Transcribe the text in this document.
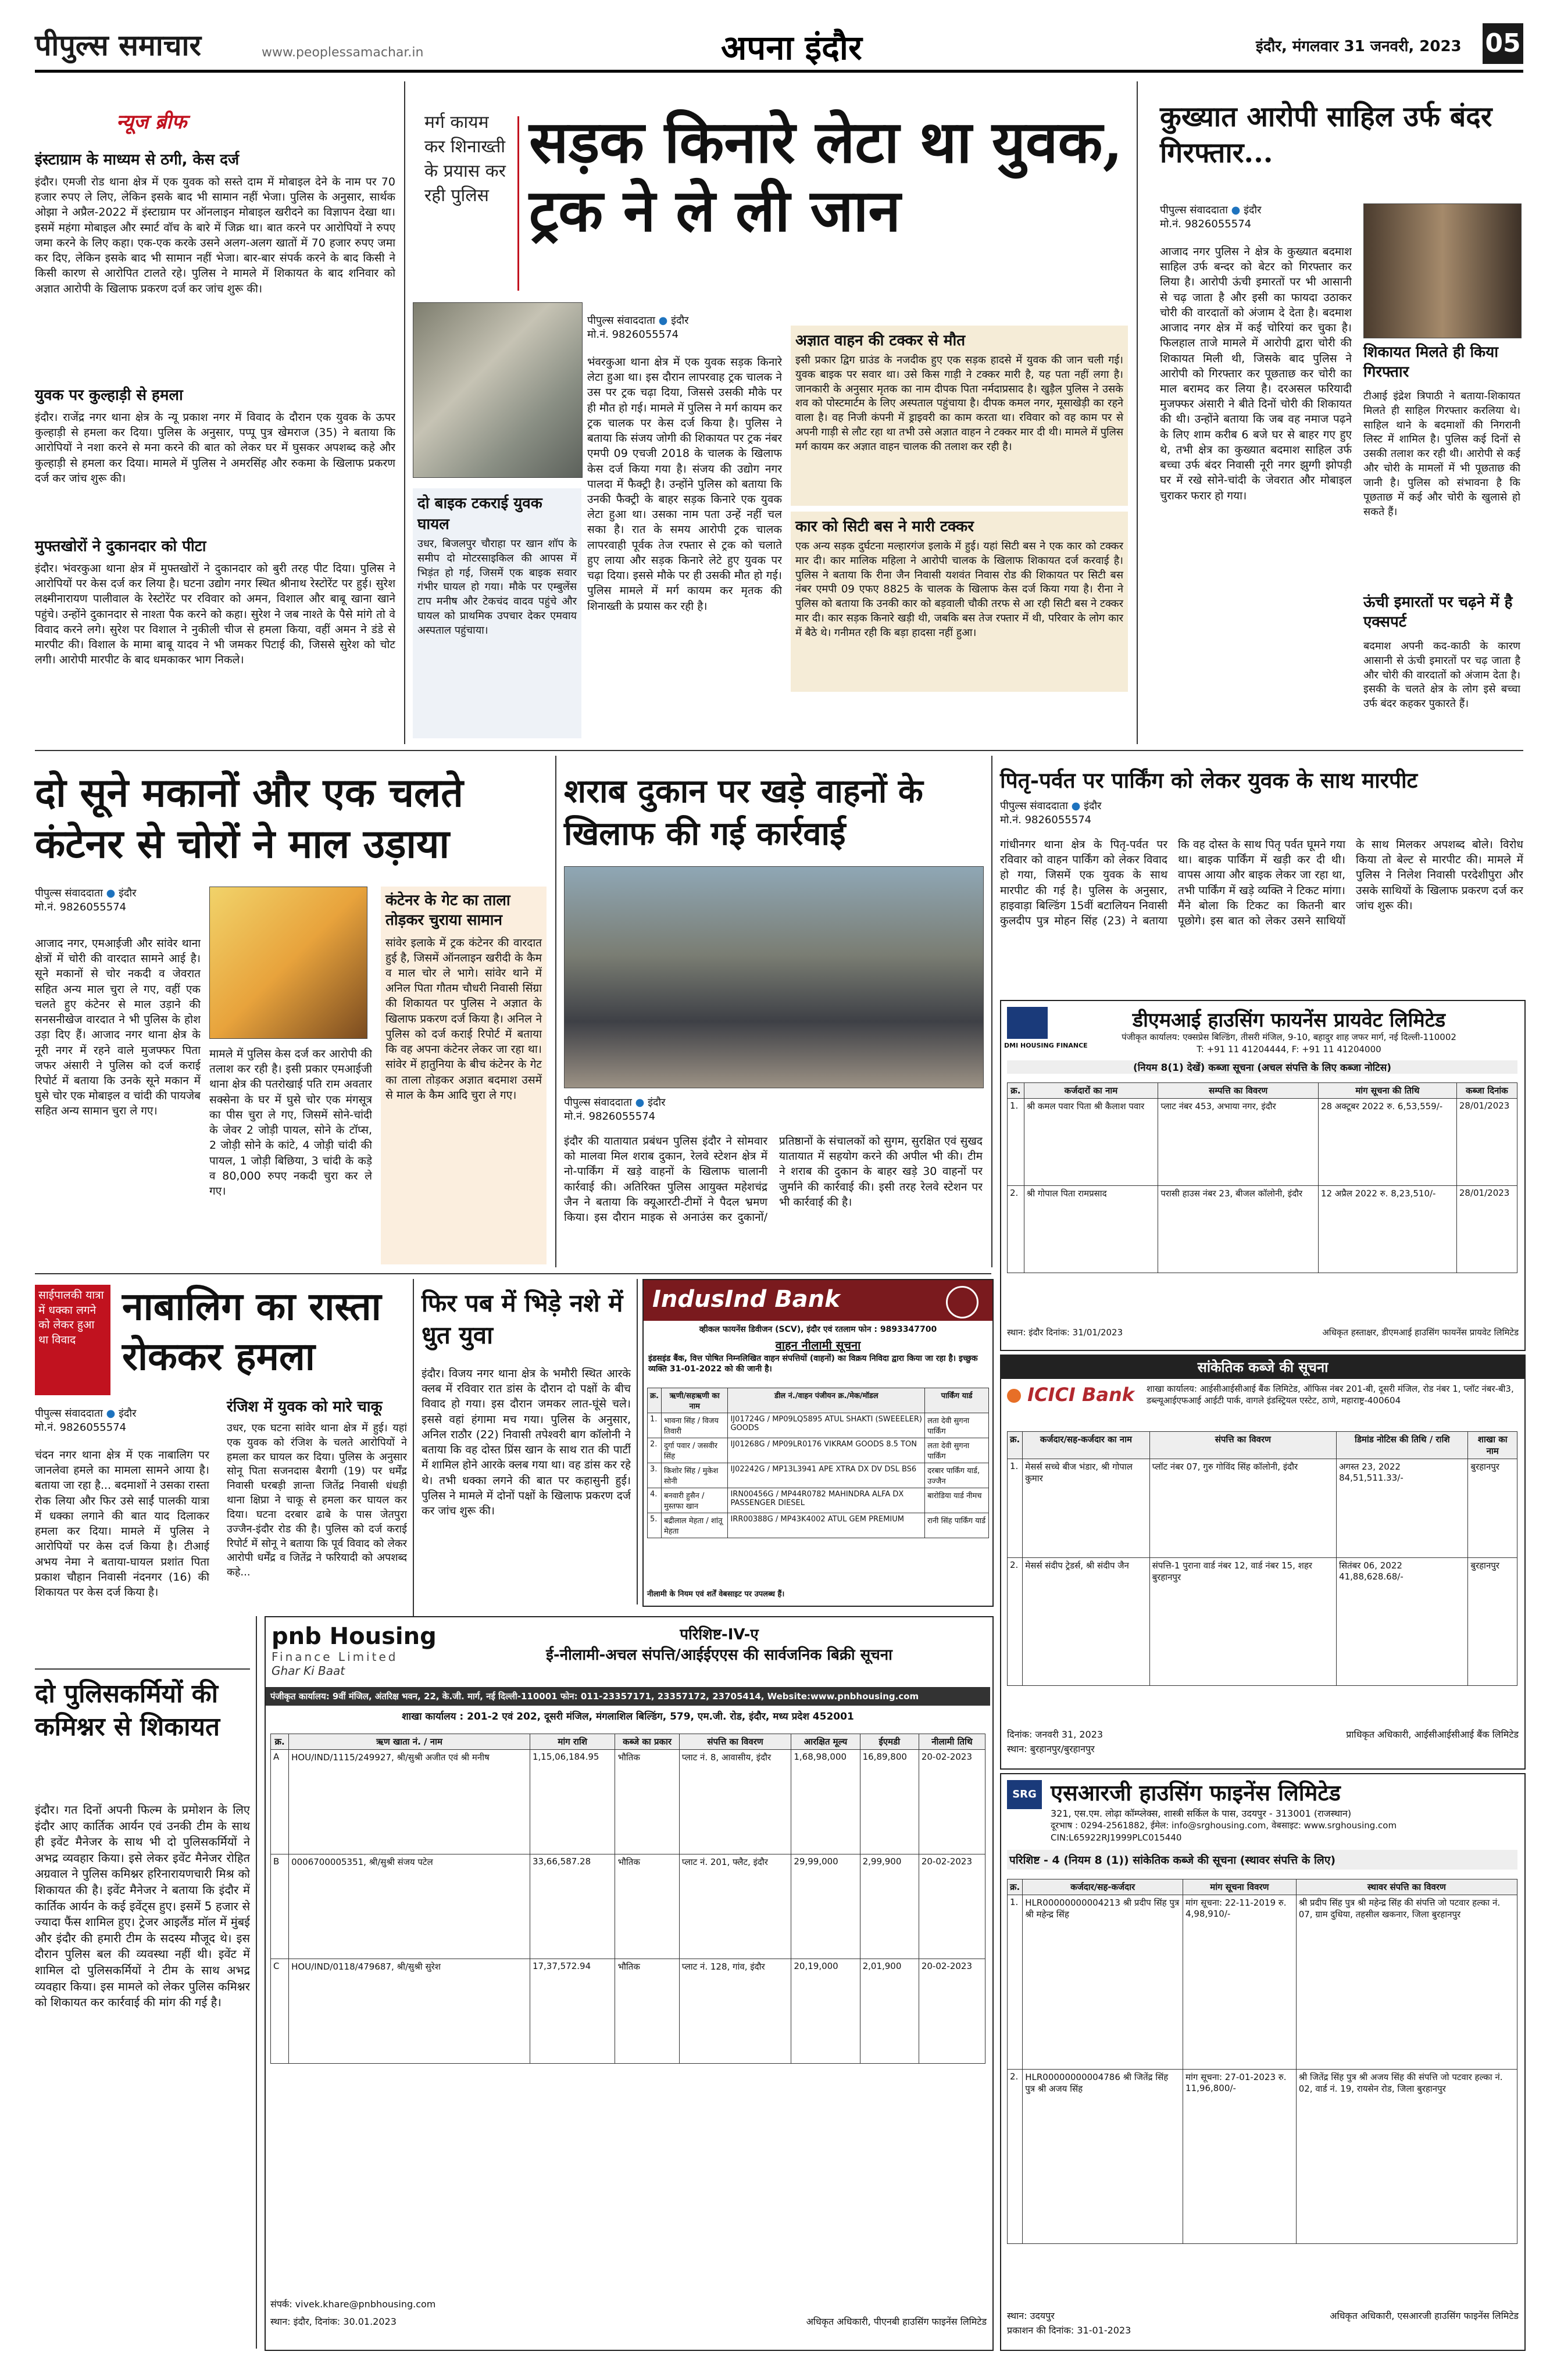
पीपुल्स समाचार	www.peoplessamachar.in	अपना इंदौर	इंदौर, मंगलवार 31 जनवरी, 2023 05
न्यूज ब्रीफ
इंस्टाग्राम के माध्यम से ठगी, केस दर्ज
इंदौर। एमजी रोड थाना क्षेत्र में एक युवक को सस्ते दाम में मोबाइल देने के नाम पर 70 हजार रुपए ले लिए, लेकिन इसके बाद भी सामान नहीं भेजा। पुलिस के अनुसार, सार्थक ओझा ने अप्रैल-2022 में इंस्टाग्राम पर ऑनलाइन मोबाइल खरीदने का विज्ञापन देखा था। इसमें महंगा मोबाइल और स्मार्ट वॉच के बारे में जिक्र था। बात करने पर आरोपियों ने रुपए जमा करने के लिए कहा। एक-एक करके उसने अलग-अलग खातों में 70 हजार रुपए जमा कर दिए, लेकिन इसके बाद भी सामान नहीं भेजा। बार-बार संपर्क करने के बाद किसी ने किसी कारण से आरोपित टालते रहे। पुलिस ने मामले में शिकायत के बाद शनिवार को अज्ञात आरोपी के खिलाफ प्रकरण दर्ज कर जांच शुरू की।
युवक पर कुल्हाड़ी से हमला
इंदौर। राजेंद्र नगर थाना क्षेत्र के न्यू प्रकाश नगर में विवाद के दौरान एक युवक के ऊपर कुल्हाड़ी से हमला कर दिया। पुलिस के अनुसार, पप्पू पुत्र खेमराज (35) ने बताया कि आरोपियों ने नशा करने से मना करने की बात को लेकर घर में घुसकर अपशब्द कहे और कुल्हाड़ी से हमला कर दिया। मामले में पुलिस ने अमरसिंह और रुकमा के खिलाफ प्रकरण दर्ज कर जांच शुरू की।
मुफ्तखोरों ने दुकानदार को पीटा
इंदौर। भंवरकुआ थाना क्षेत्र में मुफ्तखोरों ने दुकानदार को बुरी तरह पीट दिया। पुलिस ने आरोपियों पर केस दर्ज कर लिया है। घटना उद्योग नगर स्थित श्रीनाथ रेस्टोरेंट पर हुई। सुरेश लक्ष्मीनारायण पालीवाल के रेस्टोरेंट पर रविवार को अमन, विशाल और बाबू खाना खाने पहुंचे। उन्होंने दुकानदार से नाश्ता पैक करने को कहा। सुरेश ने जब नाश्ते के पैसे मांगे तो वे विवाद करने लगे। सुरेश पर विशाल ने नुकीली चीज से हमला किया, वहीं अमन ने डंडे से मारपीट की। विशाल के मामा बाबू यादव ने भी जमकर पिटाई की, जिससे सुरेश को चोट लगी। आरोपी मारपीट के बाद धमकाकर भाग निकले।
मर्ग कायम कर शिनाख्ती के प्रयास कर रही पुलिस
सड़क किनारे लेटा था युवक, ट्रक ने ले ली जान
पीपुल्स संवाददाता ● इंदौर
मो.नं. 9826055574
भंवरकुआ थाना क्षेत्र में एक युवक सड़क किनारे लेटा हुआ था। इस दौरान लापरवाह ट्रक चालक ने उस पर ट्रक चढ़ा दिया, जिससे उसकी मौके पर ही मौत हो गई। मामले में पुलिस ने मर्ग कायम कर ट्रक चालक पर केस दर्ज किया है। पुलिस ने बताया कि संजय जोगी की शिकायत पर ट्रक नंबर एमपी 09 एचजी 2018 के चालक के खिलाफ केस दर्ज किया गया है। संजय की उद्योग नगर पालदा में फैक्ट्री है। उन्होंने पुलिस को बताया कि उनकी फैक्ट्री के बाहर सड़क किनारे एक युवक लेटा हुआ था। उसका नाम पता उन्हें नहीं चल सका है। रात के समय आरोपी ट्रक चालक लापरवाही पूर्वक तेज रफ्तार से ट्रक को चलाते हुए लाया और सड़क किनारे लेटे हुए युवक पर चढ़ा दिया। इससे मौके पर ही उसकी मौत हो गई। पुलिस मामले में मर्ग कायम कर मृतक की शिनाख्ती के प्रयास कर रही है।
दो बाइक टकराई युवक घायल
उधर, बिजलपुर चौराहा पर खान शॉप के समीप दो मोटरसाइकिल की आपस में भिड़ंत हो गई, जिसमें एक बाइक सवार गंभीर घायल हो गया। मौके पर एम्बुलेंस टाप मनीष और टेकचंद वादव पहुंचे और घायल को प्राथमिक उपचार देकर एमवाय अस्पताल पहुंचाया।
अज्ञात वाहन की टक्कर से मौत
इसी प्रकार द्विग ग्राउंड के नजदीक हुए एक सड़क हादसे में युवक की जान चली गई। युवक बाइक पर सवार था। उसे किस गाड़ी ने टक्कर मारी है, यह पता नहीं लगा है। जानकारी के अनुसार मृतक का नाम दीपक पिता नर्मदाप्रसाद है। खुड़ैल पुलिस ने उसके शव को पोस्टमार्टम के लिए अस्पताल पहुंचाया है। दीपक कमल नगर, मूसाखेड़ी का रहने वाला है। वह निजी कंपनी में ड्राइवरी का काम करता था। रविवार को वह काम पर से अपनी गाड़ी से लौट रहा था तभी उसे अज्ञात वाहन ने टक्कर मार दी थी। मामले में पुलिस मर्ग कायम कर अज्ञात वाहन चालक की तलाश कर रही है।
कार को सिटी बस ने मारी टक्कर
एक अन्य सड़क दुर्घटना मल्हारगंज इलाके में हुई। यहां सिटी बस ने एक कार को टक्कर मार दी। कार मालिक महिला ने आरोपी चालक के खिलाफ शिकायत दर्ज करवाई है। पुलिस ने बताया कि रीना जैन निवासी यशवंत निवास रोड की शिकायत पर सिटी बस नंबर एमपी 09 एफए 8825 के चालक के खिलाफ केस दर्ज किया गया है। रीना ने पुलिस को बताया कि उनकी कार को बड़वाली चौकी तरफ से आ रही सिटी बस ने टक्कर मार दी। कार सड़क किनारे खड़ी थी, जबकि बस तेज रफ्तार में थी, परिवार के लोग कार में बैठे थे। गनीमत रही कि बड़ा हादसा नहीं हुआ।
कुख्यात आरोपी साहिल उर्फ बंदर गिरफ्तार...
पीपुल्स संवाददाता ● इंदौर
मो.नं. 9826055574
आजाद नगर पुलिस ने क्षेत्र के कुख्यात बदमाश साहिल उर्फ बन्दर को बेटर को गिरफ्तार कर लिया है। आरोपी ऊंची इमारतों पर भी आसानी से चढ़ जाता है और इसी का फायदा उठाकर चोरी की वारदातों को अंजाम दे देता है। बदमाश आजाद नगर क्षेत्र में कई चोरियां कर चुका है। फिलहाल ताजे मामले में आरोपी द्वारा चोरी की शिकायत मिली थी, जिसके बाद पुलिस ने आरोपी को गिरफ्तार कर पूछताछ कर चोरी का माल बरामद कर लिया है। दरअसल फरियादी मुजफ्फर अंसारी ने बीते दिनों चोरी की शिकायत की थी। उन्होंने बताया कि जब वह नमाज पढ़ने के लिए शाम करीब 6 बजे घर से बाहर गए हुए थे, तभी क्षेत्र का कुख्यात बदमाश साहिल उर्फ बच्चा उर्फ बंदर निवासी नूरी नगर झुग्गी झोपड़ी घर में रखे सोने-चांदी के जेवरात और मोबाइल चुराकर फरार हो गया।
शिकायत मिलते ही किया गिरफ्तार
टीआई इंद्रेश त्रिपाठी ने बताया-शिकायत मिलते ही साहिल गिरफ्तार करलिया थे। साहिल थाने के बदमाशों की निगरानी लिस्ट में शामिल है। पुलिस कई दिनों से उसकी तलाश कर रही थी। आरोपी से कई और चोरी के मामलों में भी पूछताछ की जानी है। पुलिस को संभावना है कि पूछताछ में कई और चोरी के खुलासे हो सकते हैं।
ऊंची इमारतों पर चढ़ने में है एक्सपर्ट
बदमाश अपनी कद-काठी के कारण आसानी से ऊंची इमारतों पर चढ़ जाता है और चोरी की वारदातों को अंजाम देता है। इसकी के चलते क्षेत्र के लोग इसे बच्चा उर्फ बंदर कहकर पुकारते हैं।
दो सूने मकानों और एक चलते कंटेनर से चोरों ने माल उड़ाया
पीपुल्स संवाददाता ● इंदौर
मो.नं. 9826055574
आजाद नगर, एमआईजी और सांवेर थाना क्षेत्रों में चोरी की वारदात सामने आई है। सूने मकानों से चोर नकदी व जेवरात सहित अन्य माल चुरा ले गए, वहीं एक चलते हुए कंटेनर से माल उड़ाने की सनसनीखेज वारदात ने भी पुलिस के होश उड़ा दिए हैं। आजाद नगर थाना क्षेत्र के नूरी नगर में रहने वाले मुजफ्फर पिता जफर अंसारी ने पुलिस को दर्ज कराई रिपोर्ट में बताया कि उनके सूने मकान में घुसे चोर एक मोबाइल व चांदी की पायजेब सहित अन्य सामान चुरा ले गए।
मामले में पुलिस केस दर्ज कर आरोपी की तलाश कर रही है। इसी प्रकार एमआईजी थाना क्षेत्र की पतरोखाई पति राम अवतार सक्सेना के घर में घुसे चोर एक मंगसूत्र का पीस चुरा ले गए, जिसमें सोने-चांदी के जेवर 2 जोड़ी पायल, सोने के टॉप्स, 2 जोड़ी सोने के कांटे, 4 जोड़ी चांदी की पायल, 1 जोड़ी बिछिया, 3 चांदी के कड़े व 80,000 रुपए नकदी चुरा कर ले गए।
कंटेनर के गेट का ताला तोड़कर चुराया सामान
सांवेर इलाके में ट्रक कंटेनर की वारदात हुई है, जिसमें ऑनलाइन खरीदी के कैम व माल चोर ले भागे। सांवेर थाने में अनिल पिता गौतम चौधरी निवासी सिंग्रा की शिकायत पर पुलिस ने अज्ञात के खिलाफ प्रकरण दर्ज किया है। अनिल ने पुलिस को दर्ज कराई रिपोर्ट में बताया कि वह अपना कंटेनर लेकर जा रहा था। सांवेर में हातुनिया के बीच कंटेनर के गेट का ताला तोड़कर अज्ञात बदमाश उसमें से माल के कैम आदि चुरा ले गए।
शराब दुकान पर खड़े वाहनों के खिलाफ की गई कार्रवाई
पीपुल्स संवाददाता ● इंदौर
मो.नं. 9826055574
इंदौर की यातायात प्रबंधन पुलिस इंदौर ने सोमवार को मालवा मिल शराब दुकान, रेलवे स्टेशन क्षेत्र में नो-पार्किंग में खड़े वाहनों के खिलाफ चालानी कार्रवाई की। अतिरिक्त पुलिस आयुक्त महेशचंद्र जैन ने बताया कि क्यूआरटी-टीमों ने पैदल भ्रमण किया। इस दौरान माइक से अनाउंस कर दुकानों/ प्रतिष्ठानों के संचालकों को सुगम, सुरक्षित एवं सुखद यातायात में सहयोग करने की अपील भी की। टीम ने शराब की दुकान के बाहर खड़े 30 वाहनों पर जुर्माने की कार्रवाई की। इसी तरह रेलवे स्टेशन पर भी कार्रवाई की है।
पितृ-पर्वत पर पार्किंग को लेकर युवक के साथ मारपीट
पीपुल्स संवाददाता ● इंदौर
मो.नं. 9826055574
गांधीनगर थाना क्षेत्र के पितृ-पर्वत पर रविवार को वाहन पार्किंग को लेकर विवाद हो गया, जिसमें एक युवक के साथ मारपीट की गई है। पुलिस के अनुसार, हाइवाड़ा बिल्डिंग 15वीं बटालियन निवासी कुलदीप पुत्र मोहन सिंह (23) ने बताया कि वह दोस्त के साथ पितृ पर्वत घूमने गया था। बाइक पार्किंग में खड़ी कर दी थी। वापस आया और बाइक लेकर जा रहा था, तभी पार्किंग में खड़े व्यक्ति ने टिकट मांगा। मैंने बोला कि टिकट का कितनी बार पूछोगे। इस बात को लेकर उसने साथियों के साथ मिलकर अपशब्द बोले। विरोध किया तो बेल्ट से मारपीट की। मामले में पुलिस ने निलेश निवासी परदेशीपुरा और उसके साथियों के खिलाफ प्रकरण दर्ज कर जांच शुरू की।
DMI HOUSING FINANCE
डीएमआई हाउसिंग फायनेंस प्रायवेट लिमिटेड
पंजीकृत कार्यालय: एक्सप्रेस बिल्डिंग, तीसरी मंजिल, 9-10, बहादुर शाह जफर मार्ग, नई दिल्ली-110002
T: +91 11 41204444, F: +91 11 41204000
(नियम 8(1) देखें) कब्जा सूचना (अचल संपत्ति के लिए कब्जा नोटिस)
क्र.	कर्जदारों का नाम	सम्पत्ति का विवरण	मांग सूचना की तिथि	कब्जा दिनांक
1.	श्री कमल पवार पिता श्री कैलाश पवार	प्लाट नंबर 453, अभाया नगर, इंदौर	28 अक्टूबर 2022 रु. 6,53,559/-	28/01/2023
2.	श्री गोपाल पिता रामप्रसाद	परासी हाउस नंबर 23, बीजल कॉलोनी, इंदौर	12 अप्रैल 2022 रु. 8,23,510/-	28/01/2023
स्थान: इंदौर दिनांक: 31/01/2023	अधिकृत हस्ताक्षर, डीएमआई हाउसिंग फायनेंस प्रायवेट लिमिटेड
साईपालकी यात्रा में धक्का लगने को लेकर हुआ था विवाद
नाबालिग का रास्ता रोककर हमला
पीपुल्स संवाददाता ● इंदौर
मो.नं. 9826055574
चंदन नगर थाना क्षेत्र में एक नाबालिग पर जानलेवा हमले का मामला सामने आया है। बताया जा रहा है... बदमाशों ने उसका रास्ता रोक लिया और फिर उसे साईं पालकी यात्रा में धक्का लगाने की बात याद दिलाकर हमला कर दिया। मामले में पुलिस ने आरोपियों पर केस दर्ज किया है। टीआई अभय नेमा ने बताया-घायल प्रशांत पिता प्रकाश चौहान निवासी नंदनगर (16) की शिकायत पर केस दर्ज किया है।
रंजिश में युवक को मारे चाकू
उधर, एक घटना सांवेर थाना क्षेत्र में हुई। यहां एक युवक को रंजिश के चलते आरोपियों ने हमला कर घायल कर दिया। पुलिस के अनुसार सोनू पिता सजनदास बैरागी (19) पर धर्मेंद्र निवासी घरबड़ी ज्ञान्ता जितेंद्र निवासी धंधड़ी थाना क्षिप्रा ने चाकू से हमला कर घायल कर दिया। घटना दरबार ढाबे के पास जेतपुरा उज्जैन-इंदौर रोड की है। पुलिस को दर्ज कराई रिपोर्ट में सोनू ने बताया कि पूर्व विवाद को लेकर आरोपी धर्मेंद्र व जितेंद्र ने फरियादी को अपशब्द कहे...
फिर पब में भिड़े नशे में धुत युवा
इंदौर। विजय नगर थाना क्षेत्र के भमौरी स्थित आरके क्लब में रविवार रात डांस के दौरान दो पक्षों के बीच विवाद हो गया। इस दौरान जमकर लात-घूंसे चले। इससे वहां हंगामा मच गया। पुलिस के अनुसार, अनिल राठौर (22) निवासी तपेश्वरी बाग कॉलोनी ने बताया कि वह दोस्त प्रिंस खान के साथ रात की पार्टी में शामिल होने आरके क्लब गया था। वह डांस कर रहे थे। तभी धक्का लगने की बात पर कहासुनी हुई। पुलिस ने मामले में दोनों पक्षों के खिलाफ प्रकरण दर्ज कर जांच शुरू की।
IndusInd Bank
व्हीकल फायनेंस डिवीजन (SCV), इंदौर एवं रतलाम फोन : 9893347700
वाहन नीलामी सूचना
इंडसइंड बैंक, वित्त पोषित निम्नलिखित वाहन संपत्तियों (वाहनों) का विक्रय निविदा द्वारा किया जा रहा है। इच्छुक व्यक्ति 31-01-2022 को की जानी है।
क्र.	ऋणी/सहऋणी का नाम	डील नं./वाहन पंजीयन क्र./मेक/मॉडल	पार्किंग यार्ड
1.	भावना सिंह / विजय तिवारी	IJ01724G / MP09LQ5895 ATUL SHAKTI (SWEEELER) GOODS	लता देवी सुगना पार्किंग
2.	दुर्गा पवार / जसवीर सिंह	IJ01268G / MP09LR0176 VIKRAM GOODS 8.5 TON	लता देवी सुगना पार्किंग
3.	किशोर सिंह / मुकेश सोनी	IJ02242G / MP13L3941 APE XTRA DX DV DSL BS6	दरबार पार्किंग यार्ड, उज्जैन
4.	बनवारी हुसैन / मुस्तफा खान	IRN00456G / MP44R0782 MAHINDRA ALFA DX PASSENGER DIESEL	बारोडिया यार्ड नीमच
5.	बद्रीलाल मेहता / शांतू मेहता	IRR00388G / MP43K4002 ATUL GEM PREMIUM	रानी सिंह पार्किंग यार्ड
नीलामी के नियम एवं शर्तें वेबसाइट पर उपलब्ध हैं।
सांकेतिक कब्जे की सूचना
ICICI Bank शाखा कार्यालय: आईसीआईसीआई बैंक लिमिटेड, ऑफिस नंबर 201-बी, दूसरी मंजिल, रोड नंबर 1, प्लॉट नंबर-बी3, डब्ल्यूआईएफआई आईटी पार्क, वागले इंडस्ट्रियल एस्टेट, ठाणे, महाराष्ट्र-400604
क्र.	कर्जदार/सह-कर्जदार का नाम	संपत्ति का विवरण	डिमांड नोटिस की तिथि / राशि	शाखा का नाम
1.	मेसर्स सच्चे बीज भंडार, श्री गोपाल कुमार	प्लॉट नंबर 07, गुरु गोविंद सिंह कॉलोनी, इंदौर	अगस्त 23, 2022 84,51,511.33/-	बुरहानपुर
2.	मेसर्स संदीप ट्रेडर्स, श्री संदीप जैन	संपत्ति-1 पुराना वार्ड नंबर 12, वार्ड नंबर 15, शहर बुरहानपुर	सितंबर 06, 2022 41,88,628.68/-	बुरहानपुर
दिनांक: जनवरी 31, 2023
स्थान: बुरहानपुर/बुरहानपुर
प्राधिकृत अधिकारी, आईसीआईसीआई बैंक लिमिटेड
दो पुलिसकर्मियों की कमिश्नर से शिकायत
इंदौर। गत दिनों अपनी फिल्म के प्रमोशन के लिए इंदौर आए कार्तिक आर्यन एवं उनकी टीम के साथ ही इवेंट मैनेजर के साथ भी दो पुलिसकर्मियों ने अभद्र व्यवहार किया। इसे लेकर इवेंट मैनेजर रोहित अग्रवाल ने पुलिस कमिश्नर हरिनारायणचारी मिश्र को शिकायत की है। इवेंट मैनेजर ने बताया कि इंदौर में कार्तिक आर्यन के कई इवेंट्स हुए। इसमें 5 हजार से ज्यादा फैंस शामिल हुए। ट्रेजर आइलैंड मॉल में मुंबई और इंदौर की हमारी टीम के सदस्य मौजूद थे। इस दौरान पुलिस बल की व्यवस्था नहीं थी। इवेंट में शामिल दो पुलिसकर्मियों ने टीम के साथ अभद्र व्यवहार किया। इस मामले को लेकर पुलिस कमिश्नर को शिकायत कर कार्रवाई की मांग की गई है।
pnb Housing
Finance Limited
Ghar Ki Baat
परिशिष्ट-IV-ए
ई-नीलामी-अचल संपत्ति/आईईएएस की सार्वजनिक बिक्री सूचना
पंजीकृत कार्यालय: 9वीं मंजिल, अंतरिक्ष भवन, 22, के.जी. मार्ग, नई दिल्ली-110001 फोन: 011-23357171, 23357172, 23705414, Website:www.pnbhousing.com
शाखा कार्यालय : 201-2 एवं 202, दूसरी मंजिल, मंगलाशिल बिल्डिंग, 579, एम.जी. रोड, इंदौर, मध्य प्रदेश 452001
क्र.	ऋण खाता नं. / नाम	मांग राशि	कब्जे का प्रकार	संपत्ति का विवरण	आरक्षित मूल्य	ईएमडी	नीलामी तिथि
A	HOU/IND/1115/249927, श्री/सुश्री अजीत एवं श्री मनीष	1,15,06,184.95	भौतिक	प्लाट नं. 8, आवासीय, इंदौर	1,68,98,000	16,89,800	20-02-2023
B	0006700005351, श्री/सुश्री संजय पटेल	33,66,587.28	भौतिक	प्लाट नं. 201, फ्लैट, इंदौर	29,99,000	2,99,900	20-02-2023
C	HOU/IND/0118/479687, श्री/सुश्री सुरेश	17,37,572.94	भौतिक	प्लाट नं. 128, गांव, इंदौर	20,19,000	2,01,900	20-02-2023
संपर्क: vivek.khare@pnbhousing.com
स्थान: इंदौर, दिनांक: 30.01.2023	अधिकृत अधिकारी, पीएनबी हाउसिंग फाइनेंस लिमिटेड
SRG एसआरजी हाउसिंग फाइनेंस लिमिटेड
321, एस.एम. लोढ़ा कॉम्प्लेक्स, शास्त्री सर्किल के पास, उदयपुर - 313001 (राजस्थान)
दूरभाष : 0294-2561882, ईमेल: info@srghousing.com, वेबसाइट: www.srghousing.com
CIN:L65922RJ1999PLC015440
परिशिष्ट - 4 (नियम 8 (1)) सांकेतिक कब्जे की सूचना (स्थावर संपत्ति के लिए)
क्र.	कर्जदार/सह-कर्जदार	मांग सूचना विवरण	स्थावर संपत्ति का विवरण
1.	HLR00000000004213 श्री प्रदीप सिंह पुत्र श्री महेन्द्र सिंह	मांग सूचना: 22-11-2019 रु. 4,98,910/-	श्री प्रदीप सिंह पुत्र श्री महेन्द्र सिंह की संपत्ति जो पटवार हल्का नं. 07, ग्राम दुधिया, तहसील खकनार, जिला बुरहानपुर
2.	HLR00000000004786 श्री जितेंद्र सिंह पुत्र श्री अजय सिंह	मांग सूचना: 27-01-2023 रु. 11,96,800/-	श्री जितेंद्र सिंह पुत्र श्री अजय सिंह की संपत्ति जो पटवार हल्का नं. 02, वार्ड नं. 19, रायसेन रोड, जिला बुरहानपुर
स्थान: उदयपुर
प्रकाशन की दिनांक: 31-01-2023
अधिकृत अधिकारी, एसआरजी हाउसिंग फाइनेंस लिमिटेड
